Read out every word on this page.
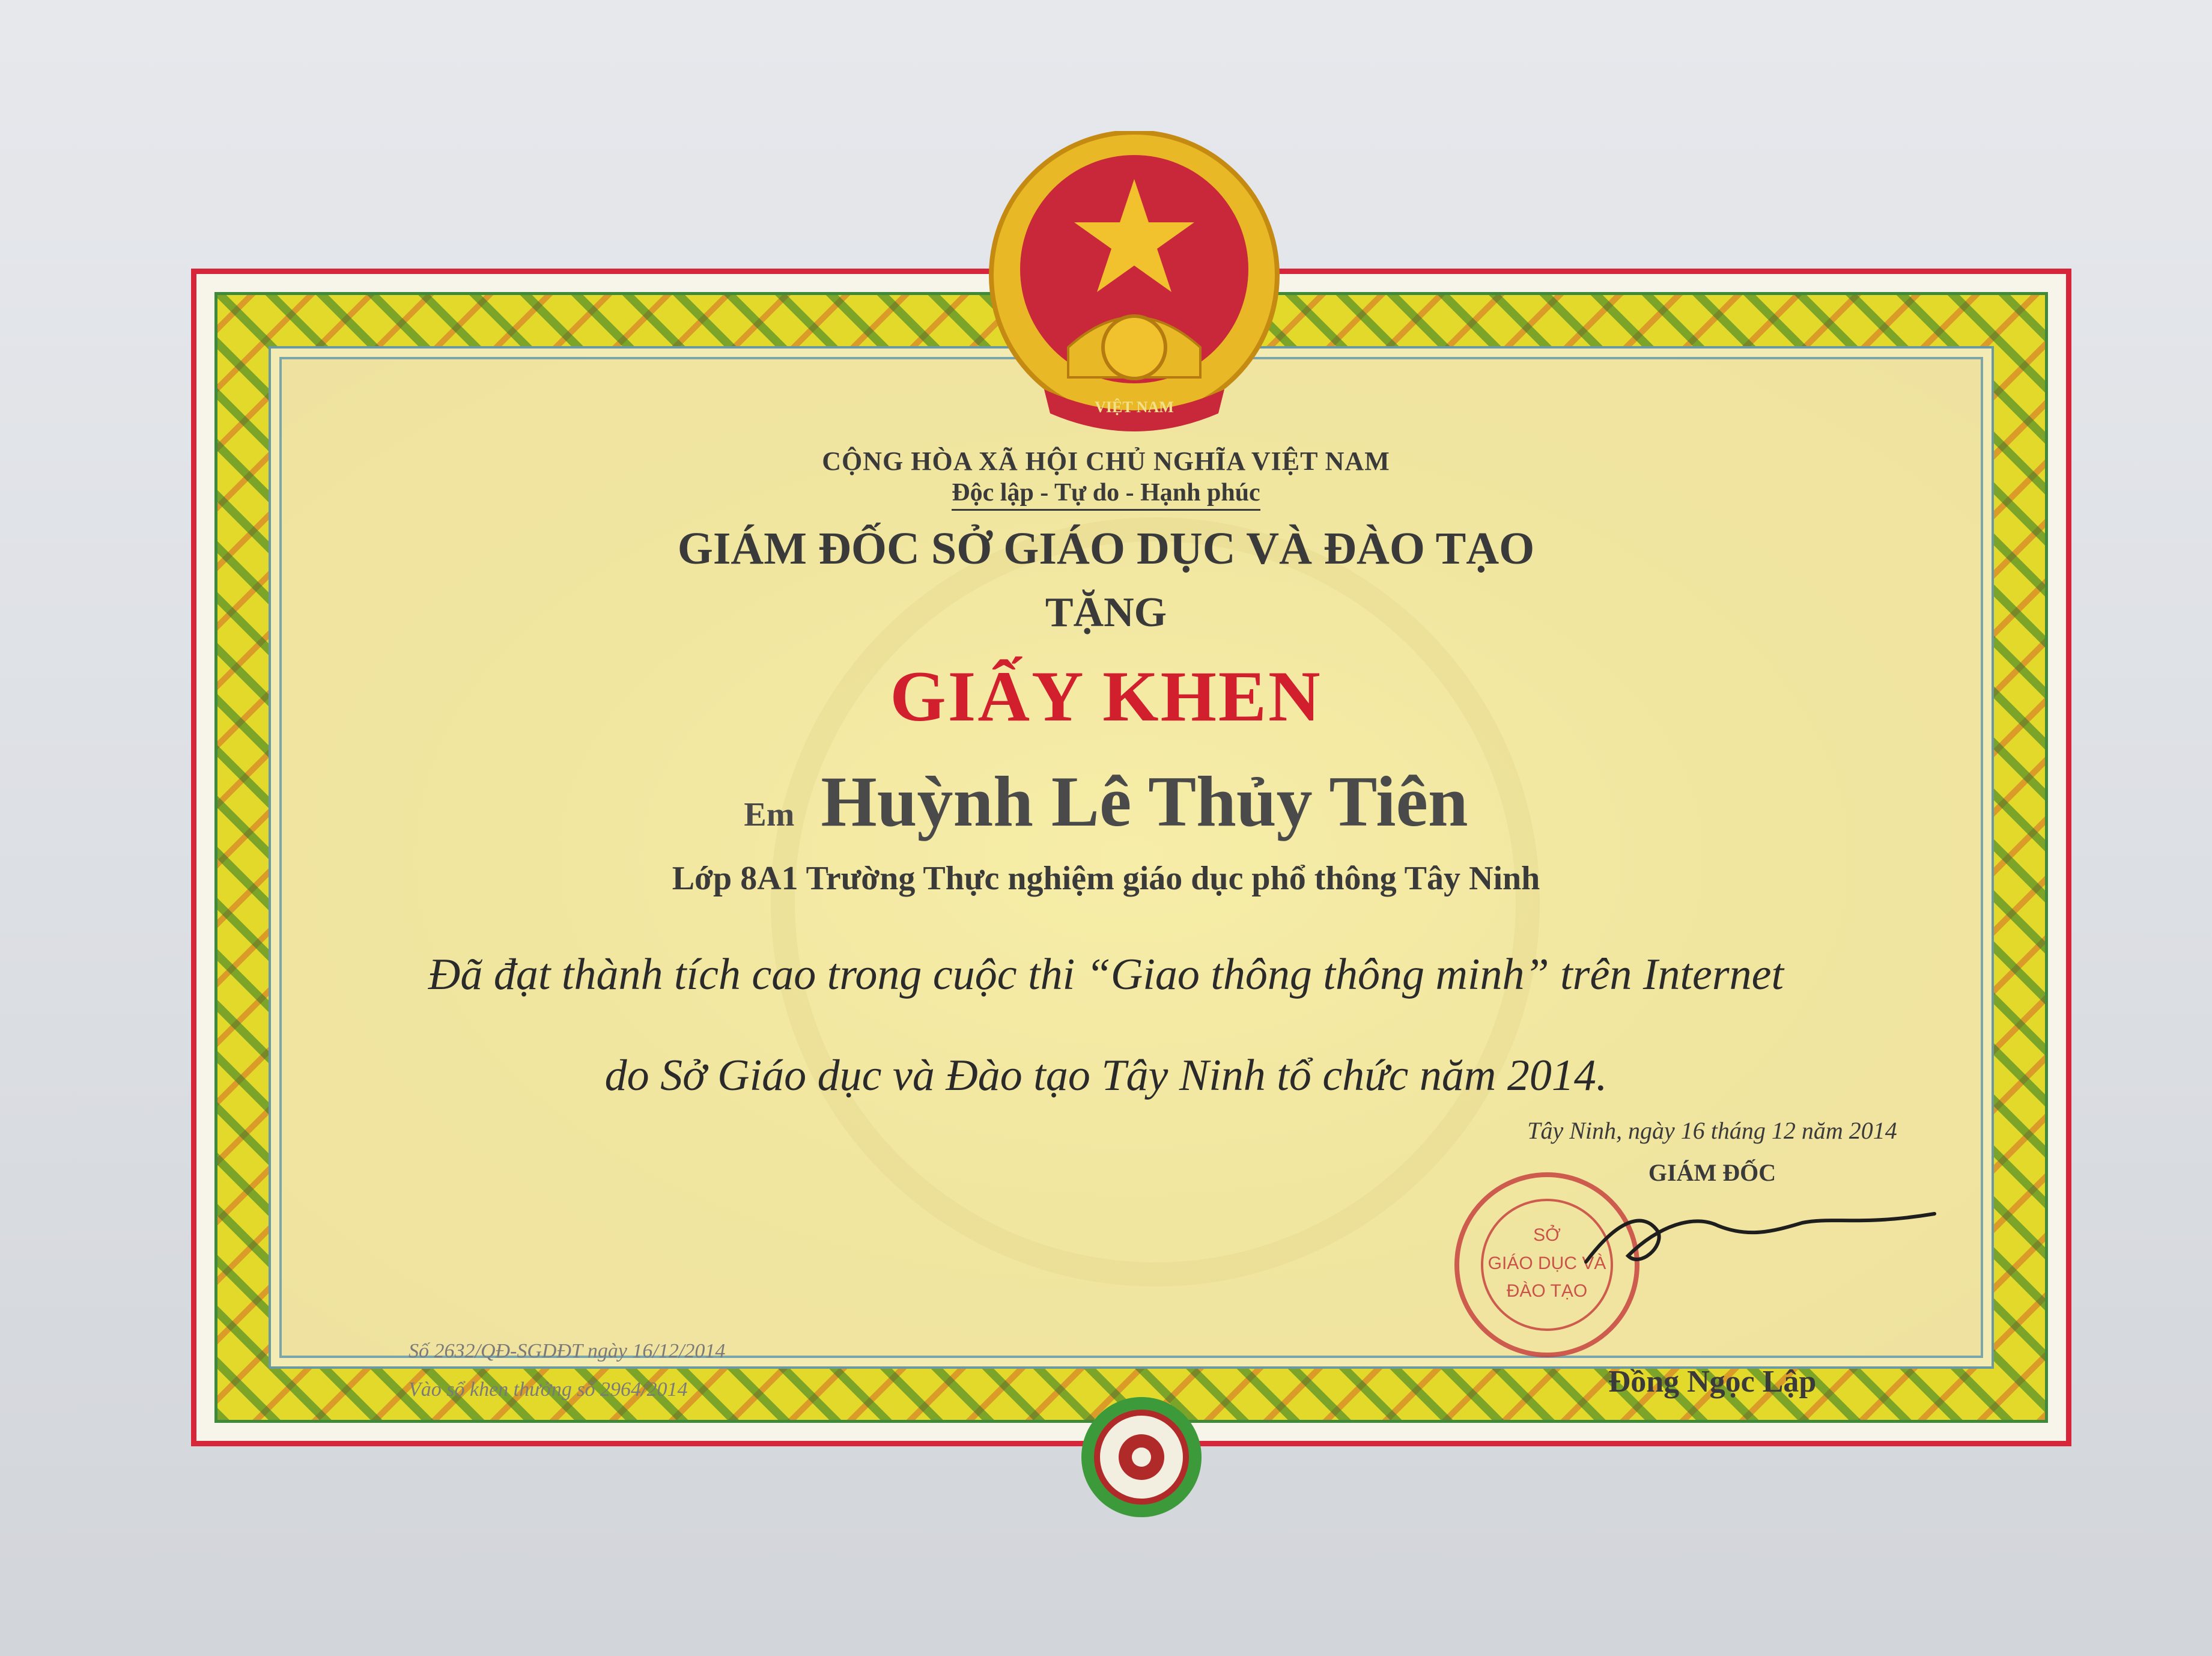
VIỆT NAM
CỘNG HÒA XÃ HỘI CHỦ NGHĨA VIỆT NAM
Độc lập - Tự do - Hạnh phúc
GIÁM ĐỐC SỞ GIÁO DỤC VÀ ĐÀO TẠO
TẶNG
GIẤY KHEN
Em Huỳnh Lê Thủy Tiên
Lớp 8A1 Trường Thực nghiệm giáo dục phổ thông Tây Ninh
Đã đạt thành tích cao trong cuộc thi “Giao thông thông minh” trên Internet
do Sở Giáo dục và Đào tạo Tây Ninh tổ chức năm 2014.
Tây Ninh, ngày 16 tháng 12 năm 2014
GIÁM ĐỐC
SỞ
GIÁO DỤC VÀ
ĐÀO TẠO
Đồng Ngọc Lập
Số 2632/QĐ-SGDĐT ngày 16/12/2014
Vào sổ khen thưởng số 2964/2014
